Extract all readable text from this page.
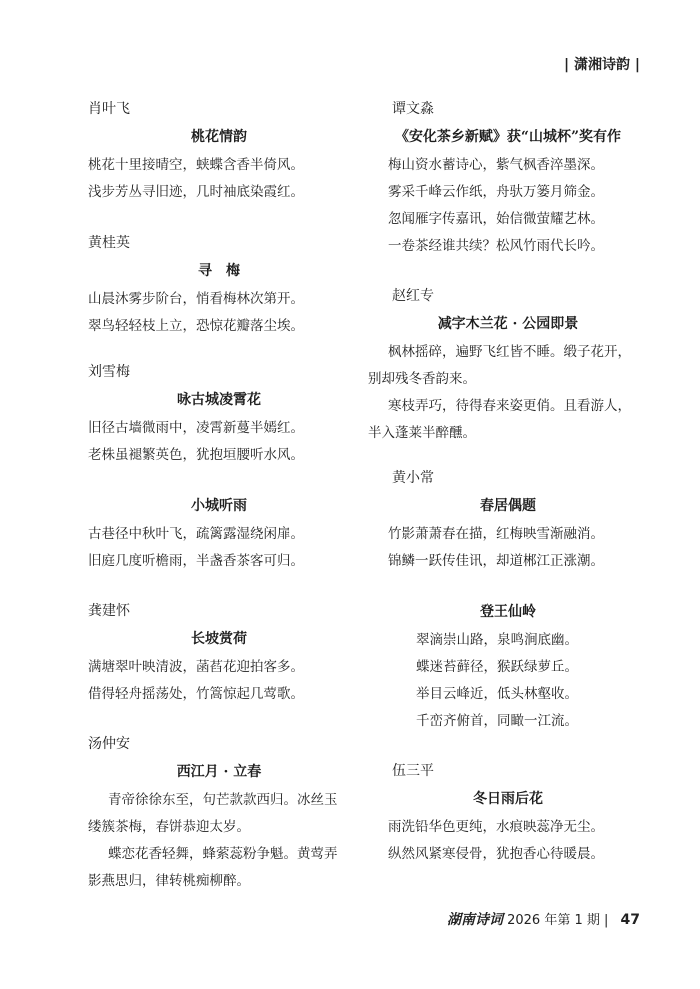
| 潇湘诗韵 |
肖叶飞
桃花情韵
桃花十里接晴空，蛱蝶含香半倚风。
浅步芳丛寻旧迹，几时袖底染霞红。
黄桂英
寻　梅
山晨沐雾步阶台，悄看梅林次第开。
翠鸟轻轻枝上立，恐惊花瓣落尘埃。
刘雪梅
咏古城凌霄花
旧径古墙微雨中，凌霄新蔓半嫣红。
老株虽褪繁英色，犹抱垣腰听水风。
小城听雨
古巷径中秋叶飞，疏篱露湿绕闲扉。
旧庭几度听檐雨，半盏香茶客可归。
龚建怀
长坡赏荷
满塘翠叶映清波，菡萏花迎拍客多。
借得轻舟摇荡处，竹篙惊起几莺歌。
汤仲安
西江月 · 立春
青帝徐徐东至，句芒款款西归。冰丝玉
缕簇茶梅，春饼恭迎太岁。
蝶恋花香轻舞，蜂萦蕊粉争魁。黄莺弄
影燕思归，律转桃痴柳醉。
谭文淼
《安化茶乡新赋》获“山城杯”奖有作
梅山资水蓄诗心，紫气枫香淬墨深。
雾采千峰云作纸，舟驮万篓月筛金。
忽闻雁字传嘉讯，始信微萤耀艺林。
一卷茶经谁共续？松风竹雨代长吟。
赵红专
减字木兰花 · 公园即景
枫林摇碎，遍野飞红皆不睡。缎子花开，
别却残冬香韵来。
寒枝弄巧，待得春来姿更俏。且看游人，
半入蓬莱半醉醺。
黄小常
春居偶题
竹影萧萧春在描，红梅映雪渐融消。
锦鳞一跃传佳讯，却道郴江正涨潮。
登王仙岭
翠滴崇山路，泉鸣涧底幽。
蝶迷苔藓径，猴跃绿萝丘。
举目云峰近，低头林壑收。
千峦齐俯首，同瞰一江流。
伍三平
冬日雨后花
雨洗铅华色更纯，水痕映蕊净无尘。
纵然风紧寒侵骨，犹抱香心待暖晨。
湖南诗词 2026 年第 1 期 | 47
